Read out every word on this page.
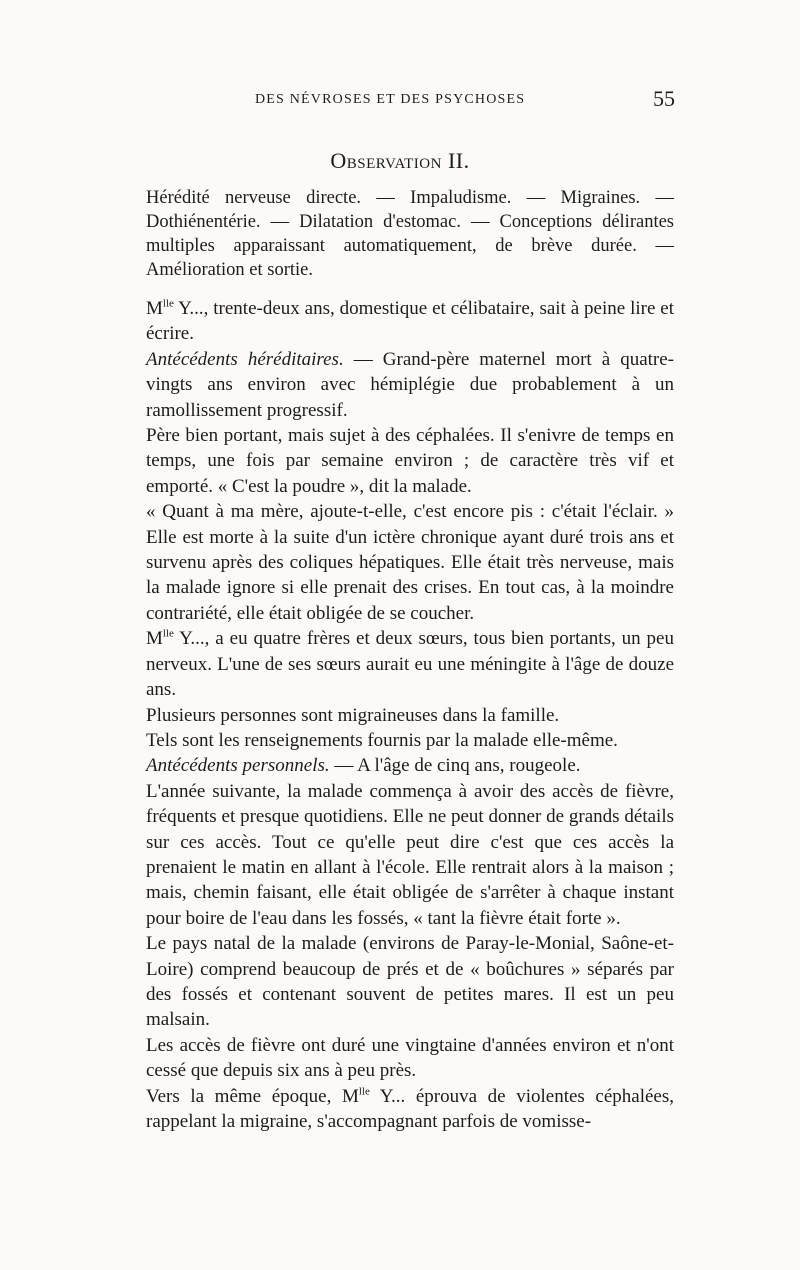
DES NÉVROSES ET DES PSYCHOSES	55
Observation II.

Hérédité nerveuse directe. — Impaludisme. — Migraines. — Dothiénentérie. — Dilatation d'estomac. — Conceptions délirantes multiples apparaissant automatiquement, de brève durée. — Amélioration et sortie.

$M^{lle}$ Y..., trente-deux ans, domestique et célibataire, sait à peine lire et écrire.

Antécédents héréditaires. — Grand-père maternel mort à quatre-vingts ans environ avec hémiplégie due probablement à un ramollissement progressif.

Père bien portant, mais sujet à des céphalées. Il s'enivre de temps en temps, une fois par semaine environ ; de caractère très vif et emporté. « C'est la poudre », dit la malade.

« Quant à ma mère, ajoute-t-elle, c'est encore pis : c'était l'éclair. » Elle est morte à la suite d'un ictère chronique ayant duré trois ans et survenu après des coliques hépatiques. Elle était très nerveuse, mais la malade ignore si elle prenait des crises. En tout cas, à la moindre contrariété, elle était obligée de se coucher.

$M^{lle}$ Y..., a eu quatre frères et deux sœurs, tous bien portants, un peu nerveux. L'une de ses sœurs aurait eu une méningite à l'âge de douze ans.

Plusieurs personnes sont migraineuses dans la famille.

Tels sont les renseignements fournis par la malade elle-même.

Antécédents personnels. — A l'âge de cinq ans, rougeole.

L'année suivante, la malade commença à avoir des accès de fièvre, fréquents et presque quotidiens. Elle ne peut donner de grands détails sur ces accès. Tout ce qu'elle peut dire c'est que ces accès la prenaient le matin en allant à l'école. Elle rentrait alors à la maison ; mais, chemin faisant, elle était obligée de s'arrêter à chaque instant pour boire de l'eau dans les fossés, « tant la fièvre était forte ».

Le pays natal de la malade (environs de Paray-le-Monial, Saône-et-Loire) comprend beaucoup de prés et de « boûchures » séparés par des fossés et contenant souvent de petites mares. Il est un peu malsain.

Les accès de fièvre ont duré une vingtaine d'années environ et n'ont cessé que depuis six ans à peu près.

Vers la même époque, $M^{lle}$ Y... éprouva de violentes céphalées, rappelant la migraine, s'accompagnant parfois de vomisse-
